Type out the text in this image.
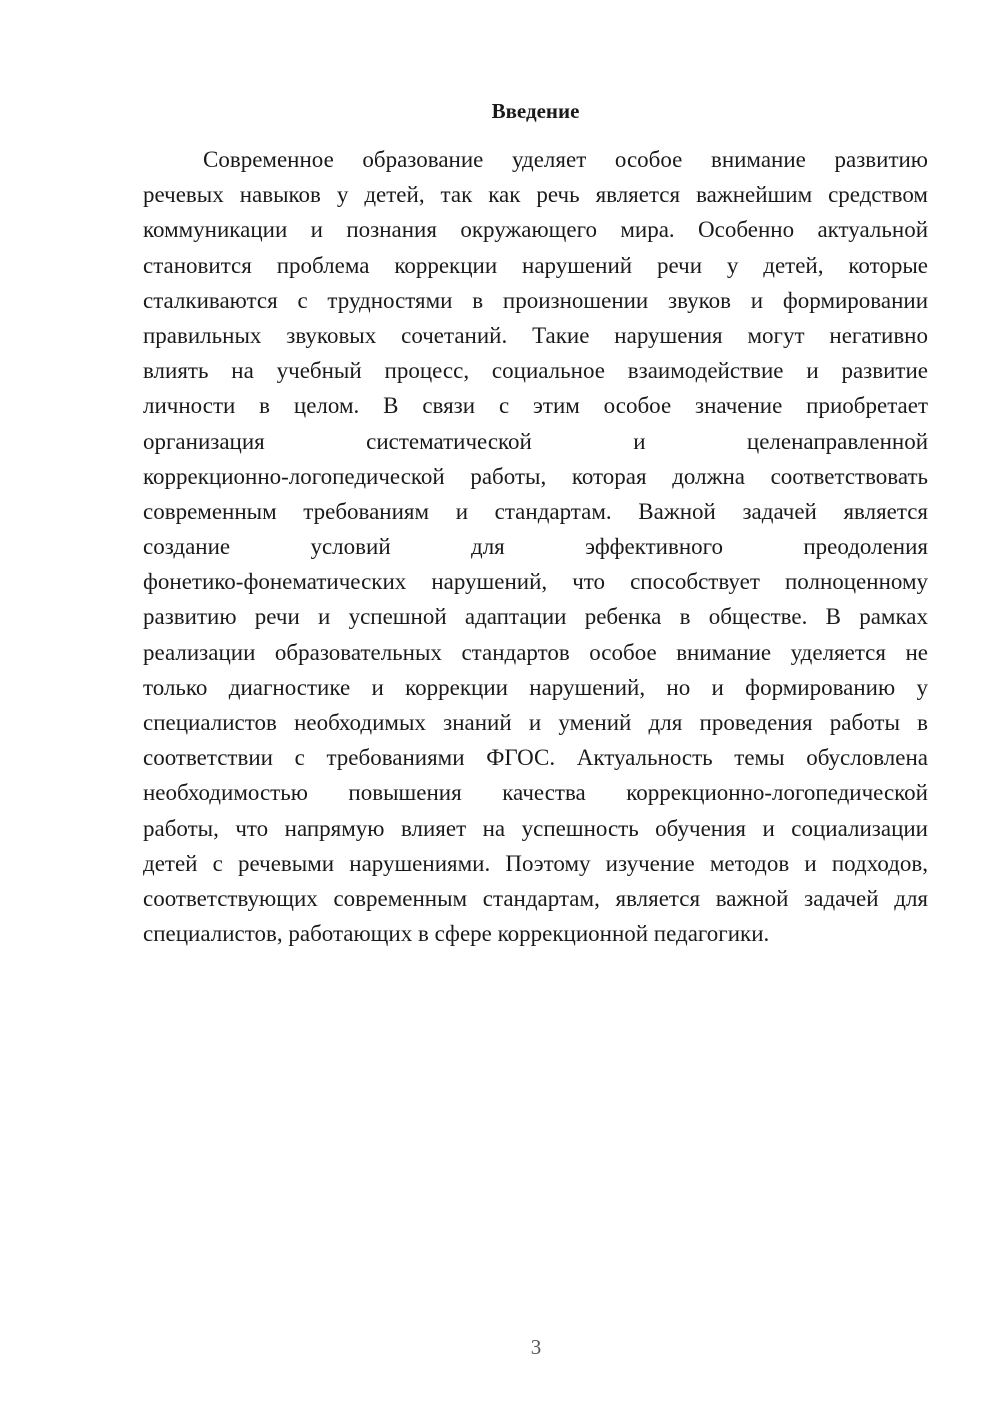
Введение
Современное образование уделяет особое внимание развитию
речевых навыков у детей, так как речь является важнейшим средством
коммуникации и познания окружающего мира. Особенно актуальной
становится проблема коррекции нарушений речи у детей, которые
сталкиваются с трудностями в произношении звуков и формировании
правильных звуковых сочетаний. Такие нарушения могут негативно
влиять на учебный процесс, социальное взаимодействие и развитие
личности в целом. В связи с этим особое значение приобретает
организация систематической и целенаправленной
коррекционно-логопедической работы, которая должна соответствовать
современным требованиям и стандартам. Важной задачей является
создание условий для эффективного преодоления
фонетико-фонематических нарушений, что способствует полноценному
развитию речи и успешной адаптации ребенка в обществе. В рамках
реализации образовательных стандартов особое внимание уделяется не
только диагностике и коррекции нарушений, но и формированию у
специалистов необходимых знаний и умений для проведения работы в
соответствии с требованиями ФГОС. Актуальность темы обусловлена
необходимостью повышения качества коррекционно-логопедической
работы, что напрямую влияет на успешность обучения и социализации
детей с речевыми нарушениями. Поэтому изучение методов и подходов,
соответствующих современным стандартам, является важной задачей для
специалистов, работающих в сфере коррекционной педагогики.
3
